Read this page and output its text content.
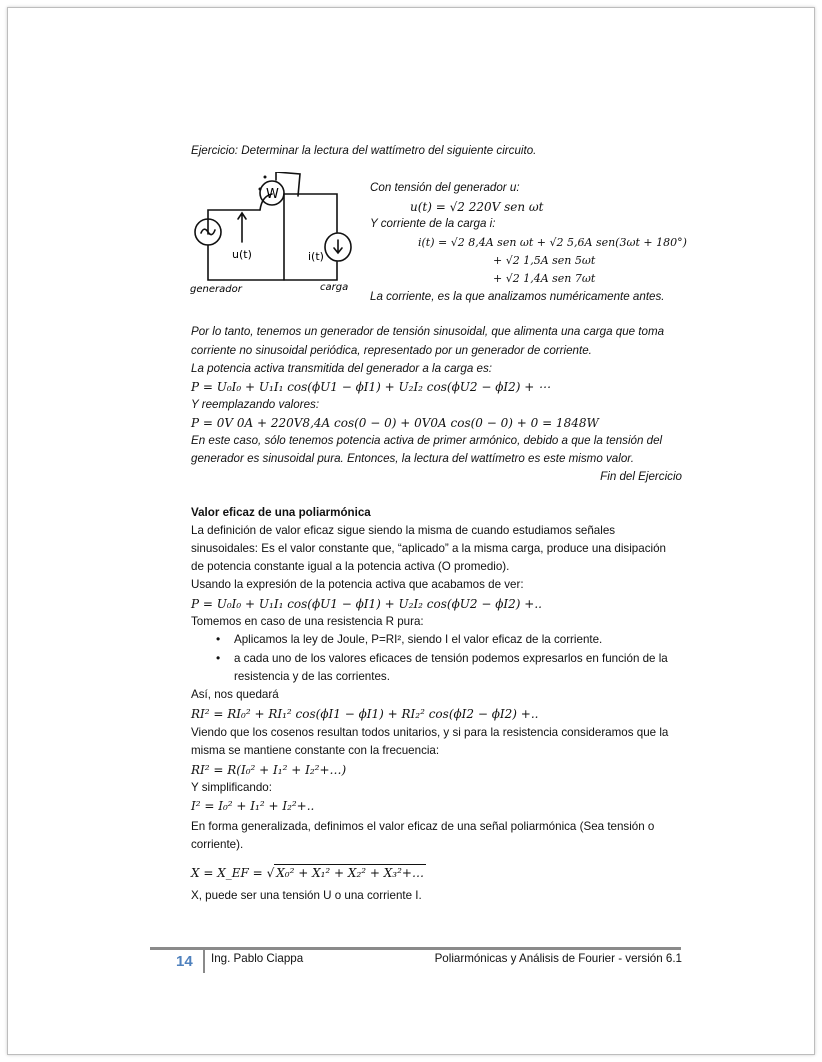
Ejercicio: Determinar la lectura del wattímetro del siguiente circuito.
W
u(t)	i(t)
generador	carga
Con tensión del generador u:
u(t) = √2 220V sen ωt
Y corriente de la carga i:
i(t) = √2 8,4A sen ωt + √2 5,6A sen(3ωt + 180°)
+ √2 1,5A sen 5ωt
+ √2 1,4A sen 7ωt
La corriente, es la que analizamos numéricamente antes.
Por lo tanto, tenemos un generador de tensión sinusoidal, que alimenta una carga que toma
corriente no sinusoidal periódica, representado por un generador de corriente.
La potencia activa transmitida del generador a la carga es:
P = U₀I₀ + U₁I₁ cos(ϕU1 − ϕI1) + U₂I₂ cos(ϕU2 − ϕI2) + ⋯
Y reemplazando valores:
P = 0V 0A + 220V8,4A cos(0 − 0) + 0V0A cos(0 − 0) + 0 = 1848W
En este caso, sólo tenemos potencia activa de primer armónico, debido a que la tensión del
generador es sinusoidal pura. Entonces, la lectura del wattímetro es este mismo valor.
Fin del Ejercicio
Valor eficaz de una poliarmónica
La definición de valor eficaz sigue siendo la misma de cuando estudiamos señales
sinusoidales: Es el valor constante que, “aplicado” a la misma carga, produce una disipación
de potencia constante igual a la potencia activa (O promedio).
Usando la expresión de la potencia activa que acabamos de ver:
P = U₀I₀ + U₁I₁ cos(ϕU1 − ϕI1) + U₂I₂ cos(ϕU2 − ϕI2) +..
Tomemos en caso de una resistencia R pura:
• Aplicamos la ley de Joule, P=RI², siendo I el valor eficaz de la corriente.
• a cada uno de los valores eficaces de tensión podemos expresarlos en función de la
resistencia y de las corrientes.
Así, nos quedará
RI² = RI₀² + RI₁² cos(ϕI1 − ϕI1) + RI₂² cos(ϕI2 − ϕI2) +..
Viendo que los cosenos resultan todos unitarios, y si para la resistencia consideramos que la
misma se mantiene constante con la frecuencia:
RI² = R(I₀² + I₁² + I₂²+…)
Y simplificando:
I² = I₀² + I₁² + I₂²+..
En forma generalizada, definimos el valor eficaz de una señal poliarmónica (Sea tensión o
corriente).
X = X_EF = √ X₀² + X₁² + X₂² + X₃²+…
X, puede ser una tensión U o una corriente I.
14 Ing. Pablo Ciappa	Poliarmónicas y Análisis de Fourier - versión 6.1
